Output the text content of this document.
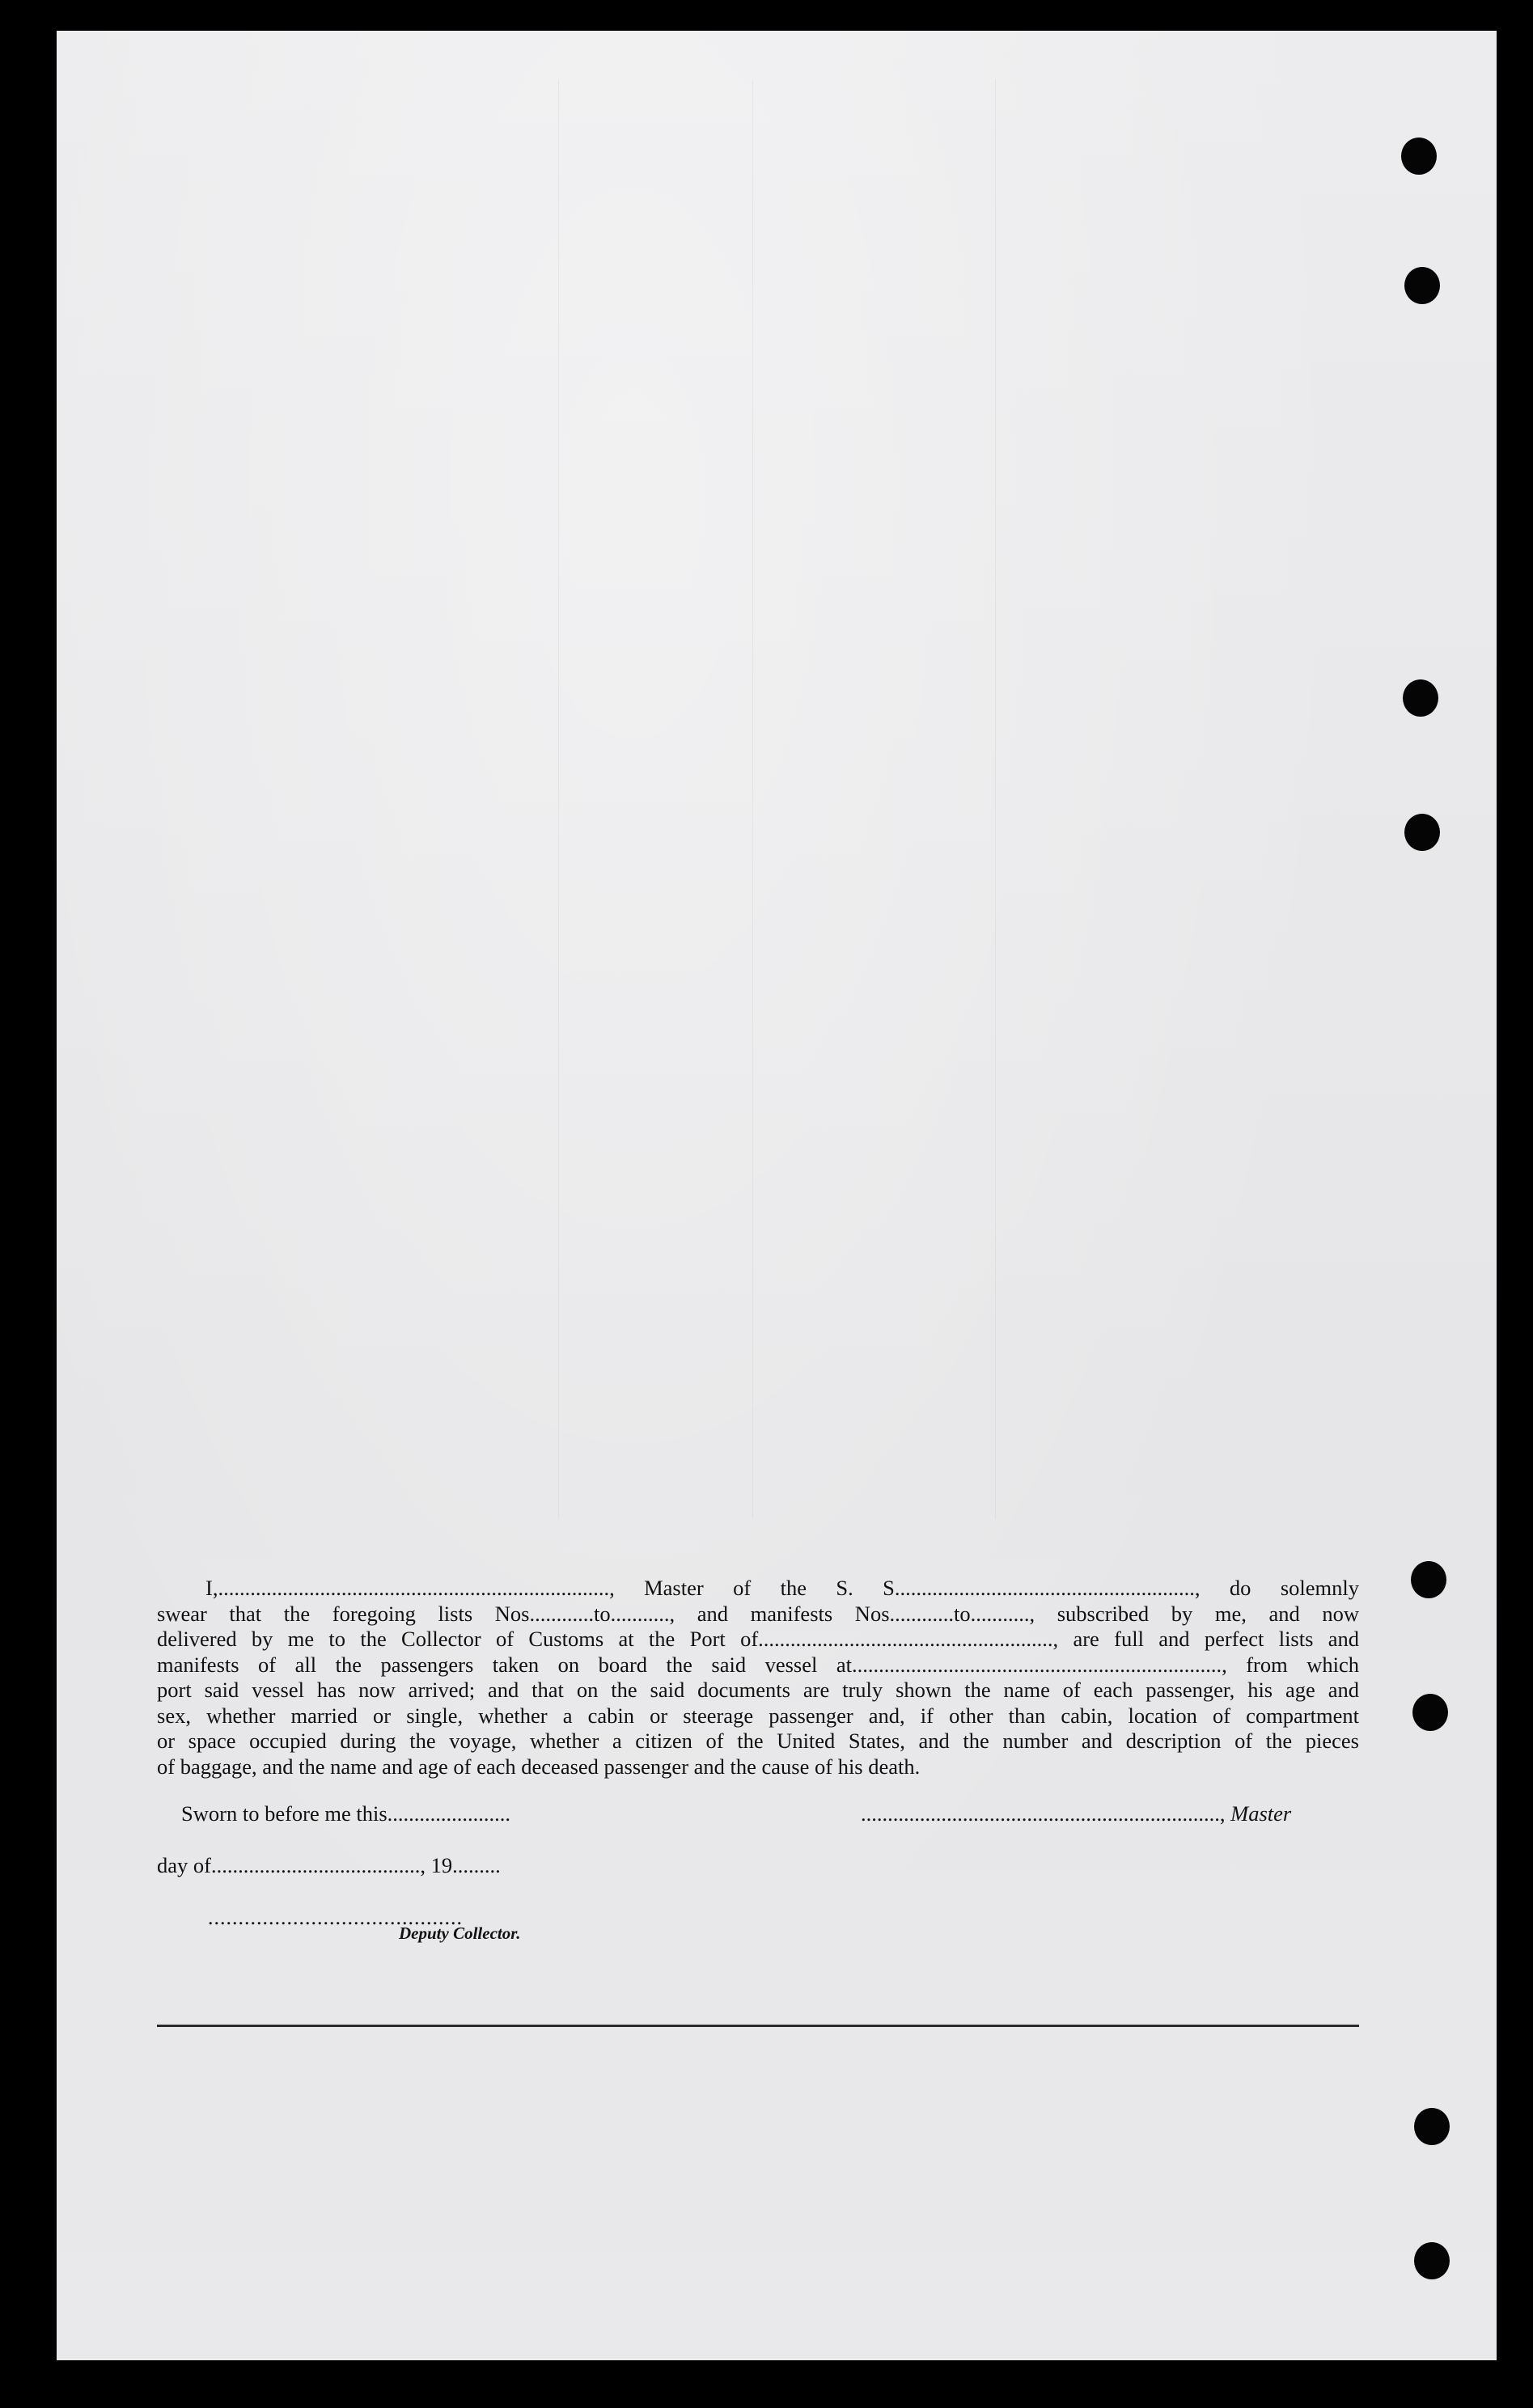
I,........................................................................., Master of the S. S........................................................, do solemnly

swear that the foregoing lists Nos............to..........., and manifests Nos............to..........., subscribed by me, and now

delivered by me to the Collector of Customs at the Port of......................................................., are full and perfect lists and

manifests of all the passengers taken on board the said vessel at....................................................................., from which

port said vessel has now arrived; and that on the said documents are truly shown the name of each passenger, his age and

sex, whether married or single, whether a cabin or steerage passenger and, if other than cabin, location of compartment

or space occupied during the voyage, whether a citizen of the United States, and the number and description of the pieces

of baggage, and the name and age of each deceased passenger and the cause of his death.

Sworn to before me this.......................	..................................................................., Master
day of......................................., 19.........
..........................................
Deputy Collector.
